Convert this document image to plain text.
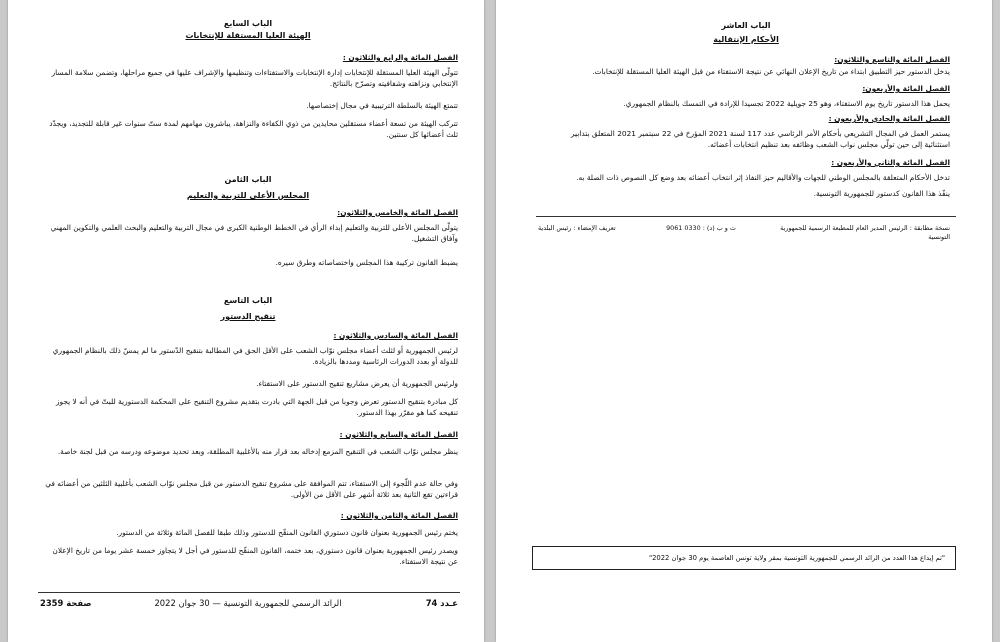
الباب السابع
الهيئة العليا المستقلة للإنتخابات
الفصل المائة والرابع والثلاثون :
تتولّى الهيئة العليا المستقلة للإنتخابات إدارة الإنتخابات والاستفتاءات وتنظيمها والإشراف عليها في جميع مراحلها، وتضمن سلامة المسار الإنتخابي ونزاهته وشفافيته وتصرّح بالنتائج.
تتمتع الهيئة بالسلطة الترتيبية في مجال إختصاصها.
تتركب الهيئة من تسعة أعضاء مستقلين محايدين من ذوي الكفاءة والنزاهة، يباشرون مهامهم لمدة ستّ سنوات غير قابلة للتجديد، ويجدّد ثلث أعضائها كل سنتين.
الباب الثامن
المجلس الأعلى للتربية والتعليم
الفصل المائة والخامس والثلاثون:
يتولّى المجلس الأعلى للتربية والتعليم إبداء الرأي في الخطط الوطنية الكبرى في مجال التربية والتعليم والبحث العلمي والتكوين المهني وآفاق التشغيل.
يضبط القانون تركيبة هذا المجلس واختصاصاته وطرق سيره.
الباب التاسع
تنقيح الدستور
الفصل المائة والسادس والثلاثون :
لرئيس الجمهورية أو لثلث أعضاء مجلس نوّاب الشعب على الأقل الحق في المطالبة بتنقيح الدّستور ما لم يمسّ ذلك بالنظام الجمهوري للدولة أو بعدد الدورات الرئاسية ومددها بالزيادة.
ولرئيس الجمهورية أن يعرض مشاريع تنقيح الدستور على الاستفتاء.
كل مبادرة بتنقيح الدستور تعرض وجوبا من قبل الجهة التي بادرت بتقديم مشروع التنقيح على المحكمة الدستورية للبتّ في أنه لا يجوز تنقيحه كما هو مقرّر بهذا الدستور.
الفصل المائة والسابع والثلاثون :
ينظر مجلس نوّاب الشعب في التنقيح المزمع إدخاله بعد قرار منه بالأغلبية المطلقة، وبعد تحديد موضوعه ودرسه من قبل لجنة خاصة.
وفي حالة عدم اللّجوء إلى الاستفتاء، تتم الموافقة على مشروع تنقيح الدستور من قبل مجلس نوّاب الشعب بأغلبية الثلثين من أعضائه في قراءتين تقع الثانية بعد ثلاثة أشهر على الأقل من الأولى.
الفصل المائة والثامن والثلاثون :
يختم رئيس الجمهورية بعنوان قانون دستوري القانون المنقّح للدستور وذلك طبقا للفصل المائة وثلاثة من الدستور.
ويصدر رئيس الجمهورية بعنوان قانون دستوري، بعد ختمه، القانون المنقّح للدستور في أجل لا يتجاوز خمسة عشر يوما من تاريخ الإعلان عن نتيجة الاستفتاء.
عـدد 74
الرائد الرسمي للجمهورية التونسية — 30 جوان 2022
صفحة 2359
الباب العاشر
الأحكام الإنتقالية
الفصل المائة والتاسع والثلاثون:
يدخل الدستور حيز التطبيق ابتداء من تاريخ الإعلان النهائي عن نتيجة الاستفتاء من قبل الهيئة العليا المستقلة للإنتخابات.
الفصل المائة والأربعون:
يحمل هذا الدستور تاريخ يوم الاستفتاء، وهو 25 جويلية 2022 تجسيدا للإرادة في التمسك بالنظام الجمهوري.
الفصل المائة والحادي والأربعون :
يستمر العمل في المجال التشريعي بأحكام الأمر الرئاسي عدد 117 لسنة 2021 المؤرخ في 22 سبتمبر 2021 المتعلق بتدابير استثنائية إلى حين تولّي مجلس نواب الشعب وظائفه بعد تنظيم انتخابات أعضائه.
الفصل المائة والثاني والأربعون :
تدخل الأحكام المتعلقة بالمجلس الوطني للجهات والأقاليم حيز النفاذ إثر انتخاب أعضائه بعد وضع كل النصوص ذات الصلة به.
ينفّذ هذا القانون كدستور للجمهورية التونسية.
نسخة مطابقة : الرئيس المدير العام للمطبعة الرسمية للجمهورية التونسية
ت و ب (د) : 0330 9061
تعريف الإمضاء : رئيس البلدية
"تم إيداع هذا العدد من الرائد الرسمي للجمهورية التونسية بمقر ولاية تونس العاصمة يوم 30 جوان 2022"
